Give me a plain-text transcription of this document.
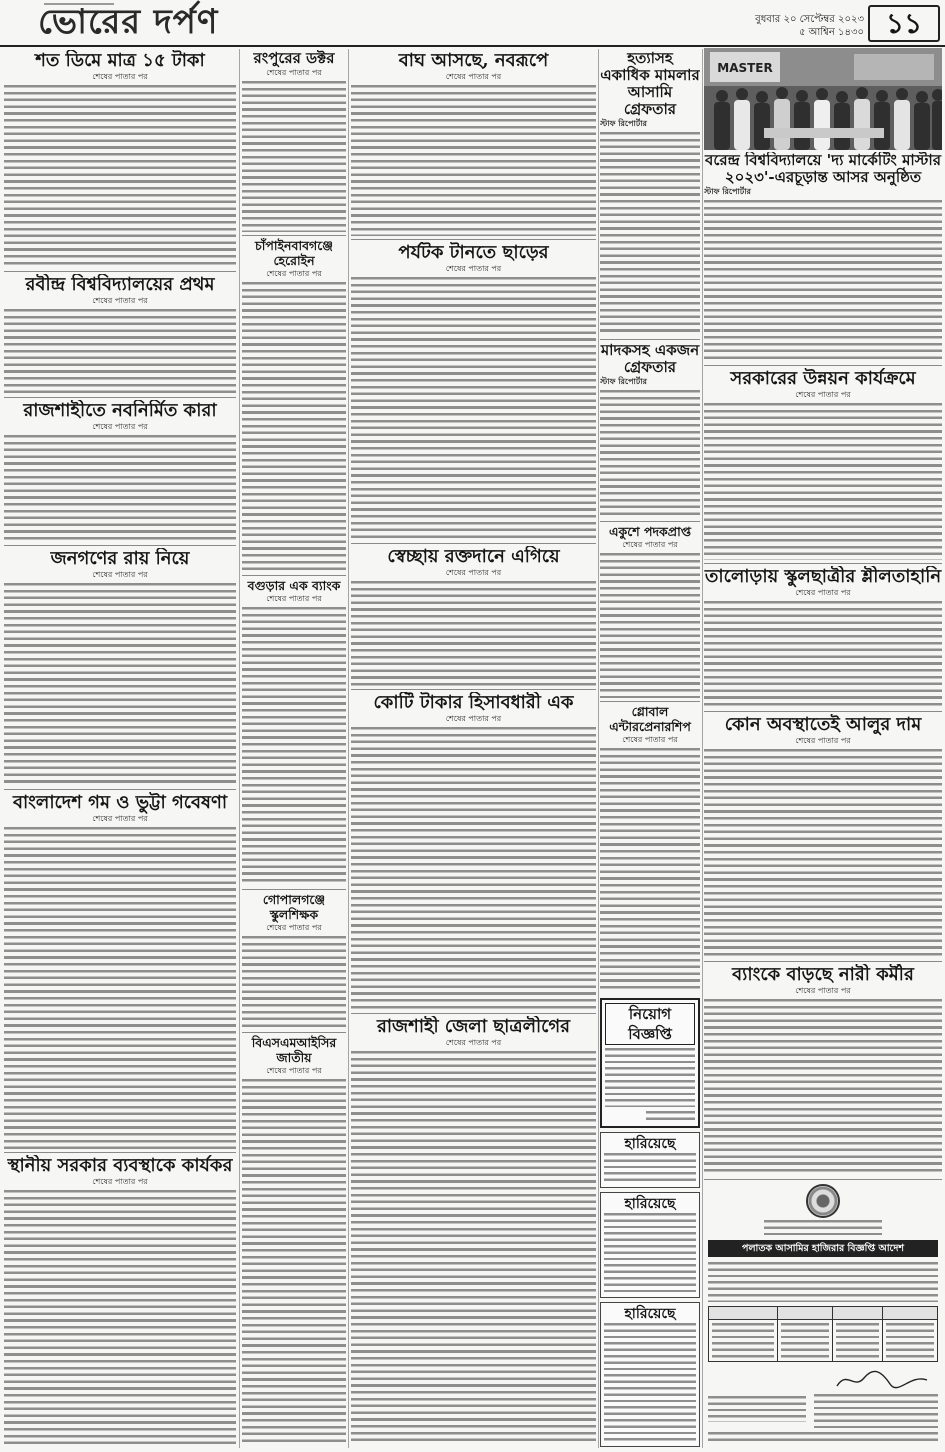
ভোরের দর্পণ	বুধবার ২০ সেপ্টেম্বর ২০২৩
৫ আশ্বিন ১৪৩০ ১১
শত ডিমে মাত্র ১৫ টাকা
শেষের পাতার পর
রবীন্দ্র বিশ্ববিদ্যালয়ের প্রথম
শেষের পাতার পর
রাজশাহীতে নবনির্মিত কারা
শেষের পাতার পর
জনগণের রায় নিয়ে
শেষের পাতার পর
বাংলাদেশ গম ও ভুট্টা গবেষণা
শেষের পাতার পর
স্থানীয় সরকার ব্যবস্থাকে কার্যকর
শেষের পাতার পর
রংপুরের ডক্টর
শেষের পাতার পর
চাঁপাইনবাবগঞ্জে হেরোইন
শেষের পাতার পর
বগুড়ার এক ব্যাংক
শেষের পাতার পর
গোপালগঞ্জে স্কুলশিক্ষক
শেষের পাতার পর
বিএসএমআইসির জাতীয়
শেষের পাতার পর
বাঘ আসছে, নবরূপে
শেষের পাতার পর
পর্যটক টানতে ছাড়ের
শেষের পাতার পর
স্বেচ্ছায় রক্তদানে এগিয়ে
শেষের পাতার পর
কোটি টাকার হিসাবধারী এক
শেষের পাতার পর
রাজশাহী জেলা ছাত্রলীগের
শেষের পাতার পর
হত্যাসহ একাধিক মামলার আসামি গ্রেফতার
স্টাফ রিপোর্টার
মাদকসহ একজন গ্রেফতার
স্টাফ রিপোর্টার
একুশে পদকপ্রাপ্ত
শেষের পাতার পর
গ্লোবাল এন্টারপ্রেনারশিপ
শেষের পাতার পর
নিয়োগ বিজ্ঞপ্তি
হারিয়েছে
হারিয়েছে
হারিয়েছে
MASTER
বরেন্দ্র বিশ্ববিদ্যালয়ে 'দ্য মার্কেটিং মাস্টার ২০২৩'-এরচূড়ান্ত আসর অনুষ্ঠিত
স্টাফ রিপোর্টার
সরকারের উন্নয়ন কার্যক্রমে
শেষের পাতার পর
তালোড়ায় স্কুলছাত্রীর শ্লীলতাহানি
শেষের পাতার পর
কোন অবস্থাতেই আলুর দাম
শেষের পাতার পর
ব্যাংকে বাড়ছে নারী কর্মীর
শেষের পাতার পর
পলাতক আসামির হাজিরার বিজ্ঞপ্তি আদেশ
